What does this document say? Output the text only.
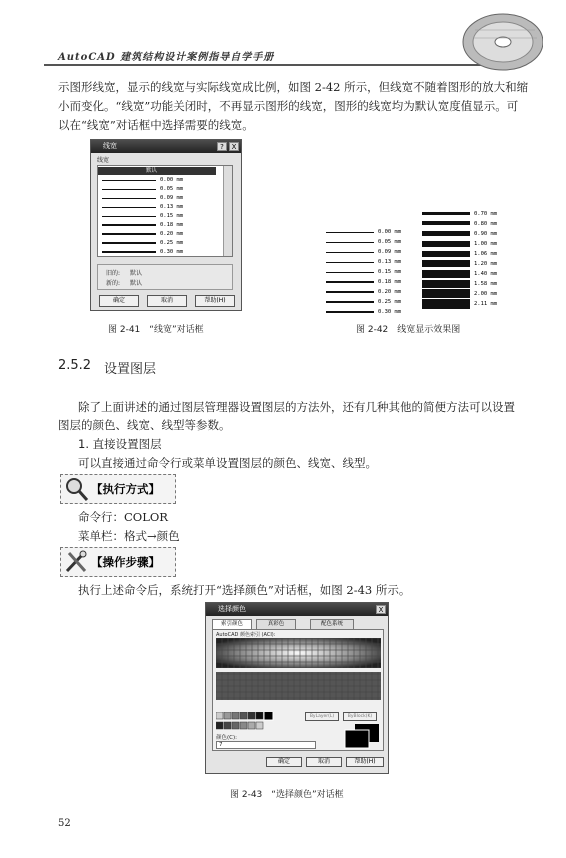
AutoCAD 建筑结构设计案例指导自学手册
示图形线宽，显示的线宽与实际线宽成比例，如图 2-42 所示，但线宽不随着图形的放大和缩
小而变化。“线宽”功能关闭时，不再显示图形的线宽，图形的线宽均为默认宽度值显示。可
以在“线宽”对话框中选择需要的线宽。
线宽	?	X
线宽
默认
0.00 mm
0.05 mm
0.09 mm
0.13 mm
0.15 mm
0.18 mm
0.20 mm
0.25 mm
0.30 mm
旧的: 默认
新的: 默认
确定	取消	帮助(H)
图 2-41　“线宽”对话框
0.00 mm
0.05 mm
0.09 mm
0.13 mm
0.15 mm
0.18 mm
0.20 mm
0.25 mm
0.30 mm
0.70 mm
0.80 mm
0.90 mm
1.00 mm
1.06 mm
1.20 mm
1.40 mm
1.58 mm
2.00 mm
2.11 mm
图 2-42　线宽显示效果图
2.5.2 设置图层
除了上面讲述的通过图层管理器设置图层的方法外，还有几种其他的简便方法可以设置
图层的颜色、线宽、线型等参数。
1. 直接设置图层
可以直接通过命令行或菜单设置图层的颜色、线宽、线型。
【执行方式】
命令行：COLOR
菜单栏：格式→颜色
【操作步骤】
执行上述命令后，系统打开“选择颜色”对话框，如图 2-43 所示。
选择颜色	X
索引颜色	真彩色	配色系统
AutoCAD 颜色索引 (ACI):
ByLayer(L)	ByBlock(K)
颜色(C):
7
确定	取消	帮助(H)
图 2-43　“选择颜色”对话框
52
